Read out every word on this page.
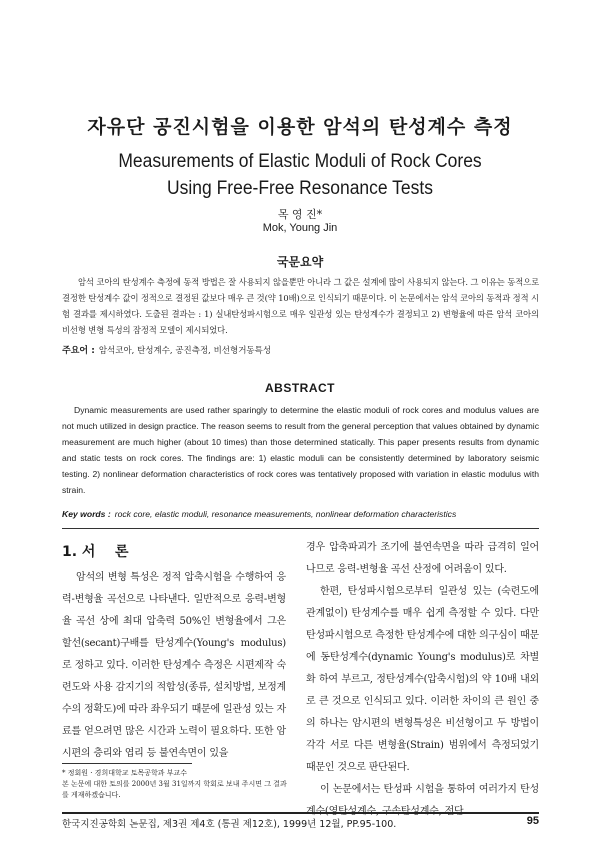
자유단 공진시험을 이용한 암석의 탄성계수 측정
Measurements of Elastic Moduli of Rock Cores
Using Free-Free Resonance Tests
목 영 진*
Mok, Young Jin
국문요약
암석 코아의 탄성계수 측정에 동적 방법은 잘 사용되지 않을뿐만 아니라 그 값은 설계에 많이 사용되지 않는다. 그 이유는 동적으로 결정한 탄성계수 값이 정적으로 결정된 값보다 매우 큰 것(약 10배)으로 인식되기 때문이다. 이 논문에서는 암석 코아의 동적과 정적 시험 결과를 제시하였다. 도출된 결과는 : 1) 실내탄성파시험으로 매우 일관성 있는 탄성계수가 결정되고 2) 변형율에 따른 암석 코아의 비선형 변형 특성의 잠정적 모델이 제시되었다.
주요어 : 암석코아, 탄성계수, 공진측정, 비선형거동특성
ABSTRACT
Dynamic measurements are used rather sparingly to determine the elastic moduli of rock cores and modulus values are not much utilized in design practice. The reason seems to result from the general perception that values obtained by dynamic measurement are much higher (about 10 times) than those determined statically. This paper presents results from dynamic and static tests on rock cores. The findings are: 1) elastic moduli can be consistently determined by laboratory seismic testing. 2) nonlinear deformation characteristics of rock cores was tentatively proposed with variation in elastic modulus with strain.
Key words : rock core, elastic moduli, resonance measurements, nonlinear deformation characteristics
1. 서    론
암석의 변형 특성은 정적 압축시험을 수행하여 응력-변형율 곡선으로 나타낸다. 일반적으로 응력-변형율 곡선 상에 최대 압축력 50%인 변형율에서 그은 할선(secant)구배를 탄성계수(Young's modulus)로 정하고 있다. 이러한 탄성계수 측정은 시편제작 숙련도와 사용 감지기의 적합성(종류, 설치방법, 보정계수의 정확도)에 따라 좌우되기 때문에 일관성 있는 자료를 얻으려면 많은 시간과 노력이 필요하다. 또한 암시편의 층리와 엽리 등 불연속면이 있을

경우 압축파괴가 조기에 불연속면을 따라 급격히 일어나므로 응력-변형율 곡선 산정에 어려움이 있다.

한편, 탄성파시험으로부터 일관성 있는 (숙련도에 관계없이) 탄성계수를 매우 쉽게 측정할 수 있다. 다만 탄성파시험으로 측정한 탄성계수에 대한 의구심이 때문에 동탄성계수(dynamic Young's modulus)로 차별화 하여 부르고, 정탄성계수(압축시험)의 약 10배 내외로 큰 것으로 인식되고 있다. 이러한 차이의 큰 원인 중의 하나는 암시편의 변형특성은 비선형이고 두 방법이 각각 서로 다른 변형율(Strain) 범위에서 측정되었기 때문인 것으로 판단된다.

이 논문에서는 탄성파 시험을 통하여 여러가지 탄성계수(영탄성계수, 구속탄성계수, 전단

* 정회원 · 경희대학교 토목공학과 부교수
본 논문에 대한 토의를 2000년 3월 31일까지 학회로 보내 주시면 그 결과를 게재하겠습니다.
한국지진공학회 논문집, 제3권 제4호 (통권 제12호), 1999년 12월, PP.95-100.	95
